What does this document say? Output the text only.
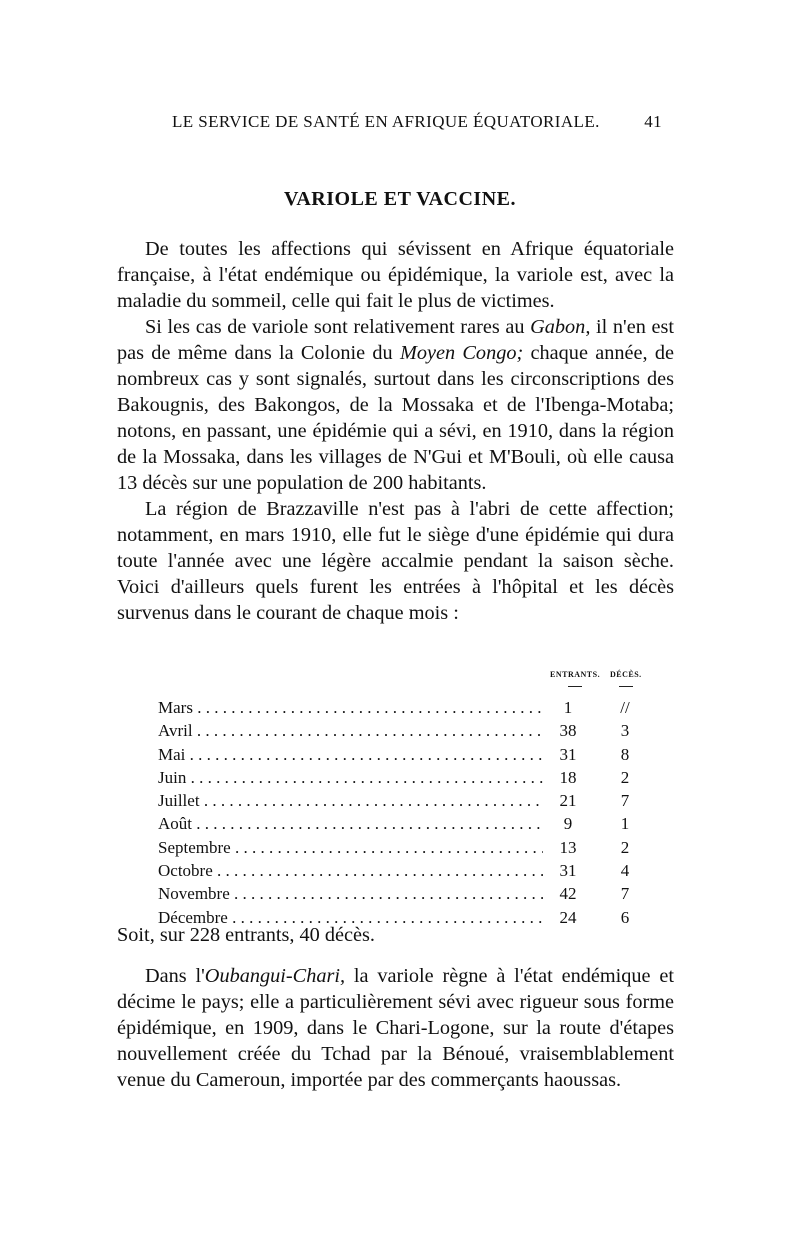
LE SERVICE DE SANTÉ EN AFRIQUE ÉQUATORIALE.	41
VARIOLE ET VACCINE.

De toutes les affections qui sévissent en Afrique équatoriale française, à l'état endémique ou épidémique, la variole est, avec la maladie du sommeil, celle qui fait le plus de victimes.

Si les cas de variole sont relativement rares au Gabon, il n'en est pas de même dans la Colonie du Moyen Congo; chaque année, de nombreux cas y sont signalés, surtout dans les circonscriptions des Bakougnis, des Bakongos, de la Mossaka et de l'Ibenga-Motaba; notons, en passant, une épidémie qui a sévi, en 1910, dans la région de la Mossaka, dans les villages de N'Gui et M'Bouli, où elle causa 13 décès sur une population de 200 habitants.

La région de Brazzaville n'est pas à l'abri de cette affection; notamment, en mars 1910, elle fut le siège d'une épidémie qui dura toute l'année avec une légère accalmie pendant la saison sèche. Voici d'ailleurs quels furent les entrées à l'hôpital et les décès survenus dans le courant de chaque mois :

ENTRANTS. DÉCÈS.
Mars . . .	1	//
Avril . . .	38	3
Mai . . .	31	8
Juin . . .	18	2
Juillet . . .	21	7
Août . . .	9	1
Septembre . . .	13	2
Octobre . . .	31	4
Novembre . . .	42	7
Décembre . . .	24	6
Soit, sur 228 entrants, 40 décès.

Dans l'Oubangui-Chari, la variole règne à l'état endémique et décime le pays; elle a particulièrement sévi avec rigueur sous forme épidémique, en 1909, dans le Chari-Logone, sur la route d'étapes nouvellement créée du Tchad par la Bénoué, vraisemblablement venue du Cameroun, importée par des commerçants haoussas.
